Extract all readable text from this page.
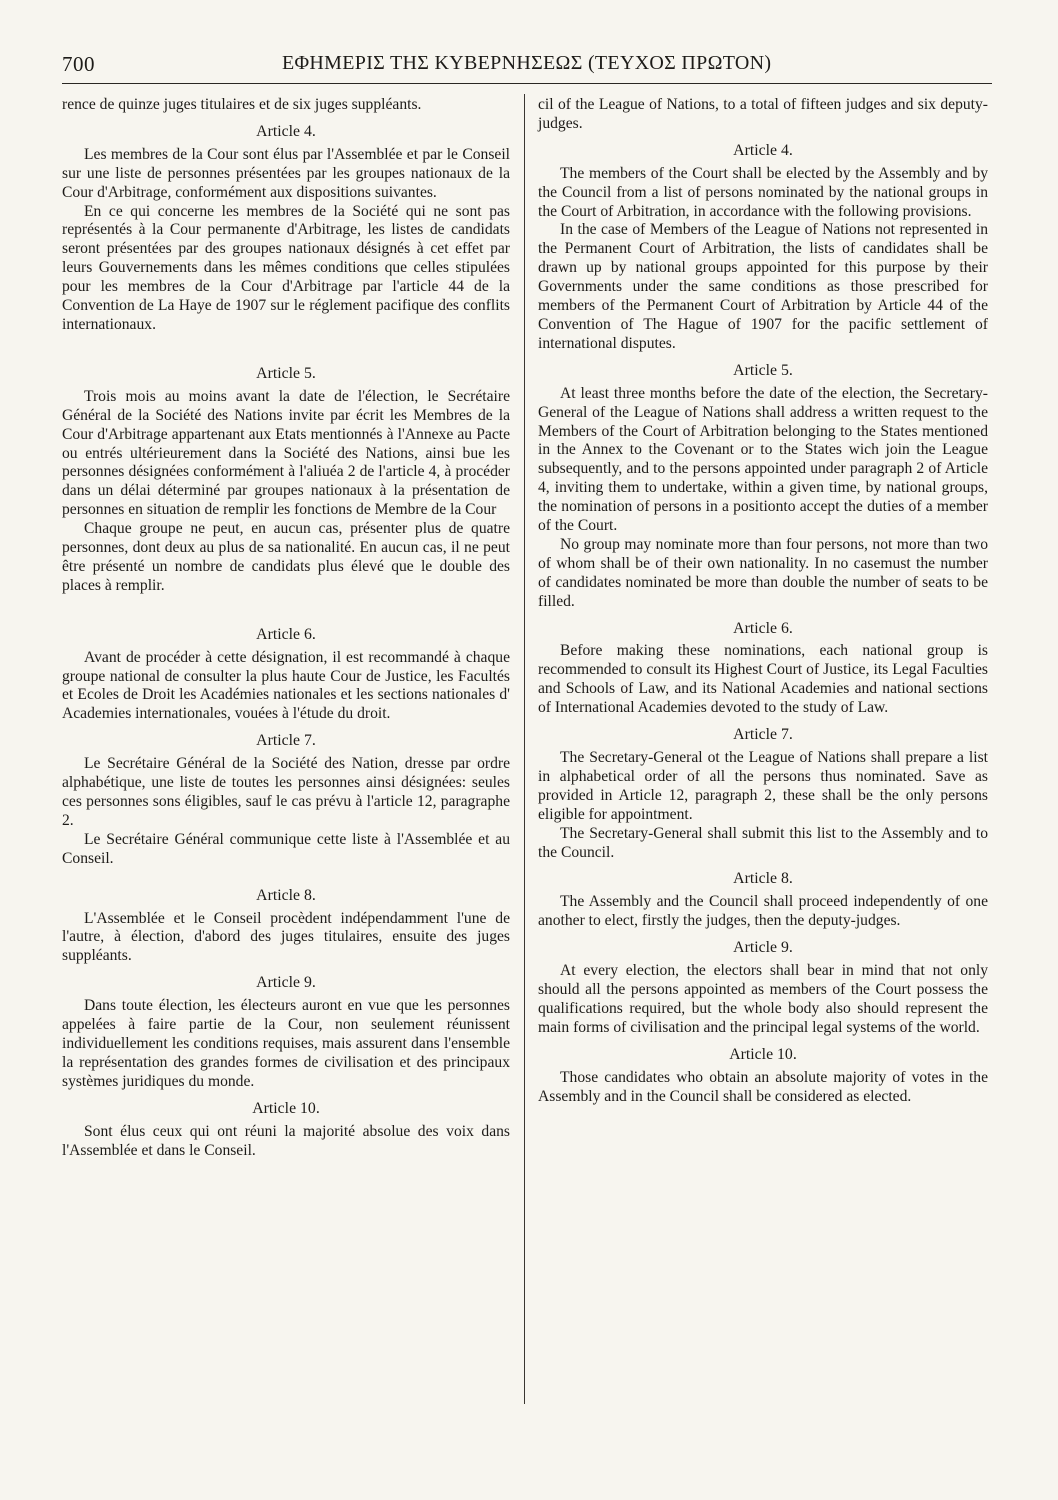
700	ΕΦΗΜΕΡΙΣ ΤΗΣ ΚΥΒΕΡΝΗΣΕΩΣ (ΤΕΥΧΟΣ ΠΡΩΤΟΝ)

rence de quinze juges titulaires et de six juges suppléants.

Article 4.

Les membres de la Cour sont élus par l'Assemblée et par le Conseil sur une liste de personnes présentées par les groupes nationaux de la Cour d'Arbitrage, conformément aux dispositions suivantes.

En ce qui concerne les membres de la Société qui ne sont pas représentés à la Cour permanente d'Arbitrage, les listes de candidats seront présentées par des groupes nationaux désignés à cet effet par leurs Gouvernements dans les mêmes conditions que celles stipulées pour les membres de la Cour d'Arbitrage par l'article 44 de la Convention de La Haye de 1907 sur le réglement pacifique des conflits internationaux.

Article 5.

Trois mois au moins avant la date de l'élection, le Secrétaire Général de la Société des Nations invite par écrit les Membres de la Cour d'Arbitrage appartenant aux Etats mentionnés à l'Annexe au Pacte ou entrés ultérieurement dans la Société des Nations, ainsi bue les personnes désignées conformément à l'aliuéa 2 de l'article 4, à procéder dans un délai déterminé par groupes nationaux à la présentation de personnes en situation de remplir les fonctions de Membre de la Cour

Chaque groupe ne peut, en aucun cas, présenter plus de quatre personnes, dont deux au plus de sa nationalité. En aucun cas, il ne peut être présenté un nombre de candidats plus élevé que le double des places à remplir.

Article 6.

Avant de procéder à cette désignation, il est recommandé à chaque groupe national de consulter la plus haute Cour de Justice, les Facultés et Ecoles de Droit les Académies nationales et les sections nationales d' Academies internationales, vouées à l'étude du droit.

Article 7.

Le Secrétaire Général de la Société des Nation, dresse par ordre alphabétique, une liste de toutes les personnes ainsi désignées: seules ces personnes sons éligibles, sauf le cas prévu à l'article 12, paragraphe 2.

Le Secrétaire Général communique cette liste à l'Assemblée et au Conseil.

Article 8.

L'Assemblée et le Conseil procèdent indépendamment l'une de l'autre, à élection, d'abord des juges titulaires, ensuite des juges suppléants.

Article 9.

Dans toute élection, les électeurs auront en vue que les personnes appelées à faire partie de la Cour, non seulement réunissent individuellement les conditions requises, mais assurent dans l'ensemble la représentation des grandes formes de civilisation et des principaux systèmes juridiques du monde.

Article 10.

Sont élus ceux qui ont réuni la majorité absolue des voix dans l'Assemblée et dans le Conseil.

cil of the League of Nations, to a total of fifteen judges and six deputy-judges.

Article 4.

The members of the Court shall be elected by the Assembly and by the Council from a list of persons nominated by the national groups in the Court of Arbitration, in accordance with the following provisions.

In the case of Members of the League of Nations not represented in the Permanent Court of Arbitration, the lists of candidates shall be drawn up by national groups appointed for this purpose by their Governments under the same conditions as those prescribed for members of the Permanent Court of Arbitration by Article 44 of the Convention of The Hague of 1907 for the pacific settlement of international disputes.

Article 5.

At least three months before the date of the election, the Secretary-General of the League of Nations shall address a written request to the Members of the Court of Arbitration belonging to the States mentioned in the Annex to the Covenant or to the States wich join the League subsequently, and to the persons appointed under paragraph 2 of Article 4, inviting them to undertake, within a given time, by national groups, the nomination of persons in a positionto accept the duties of a member of the Court.

No group may nominate more than four persons, not more than two of whom shall be of their own nationality. In no casemust the number of candidates nominated be more than double the number of seats to be filled.

Article 6.

Before making these nominations, each national group is recommended to consult its Highest Court of Justice, its Legal Faculties and Schools of Law, and its National Academies and national sections of International Academies devoted to the study of Law.

Article 7.

The Secretary-General ot the League of Nations shall prepare a list in alphabetical order of all the persons thus nominated. Save as provided in Article 12, paragraph 2, these shall be the only persons eligible for appointment.

The Secretary-General shall submit this list to the Assembly and to the Council.

Article 8.

The Assembly and the Council shall proceed independently of one another to elect, firstly the judges, then the deputy-judges.

Article 9.

At every election, the electors shall bear in mind that not only should all the persons appointed as members of the Court possess the qualifications required, but the whole body also should represent the main forms of civilisation and the principal legal systems of the world.

Article 10.

Those candidates who obtain an absolute majority of votes in the Assembly and in the Council shall be considered as elected.
